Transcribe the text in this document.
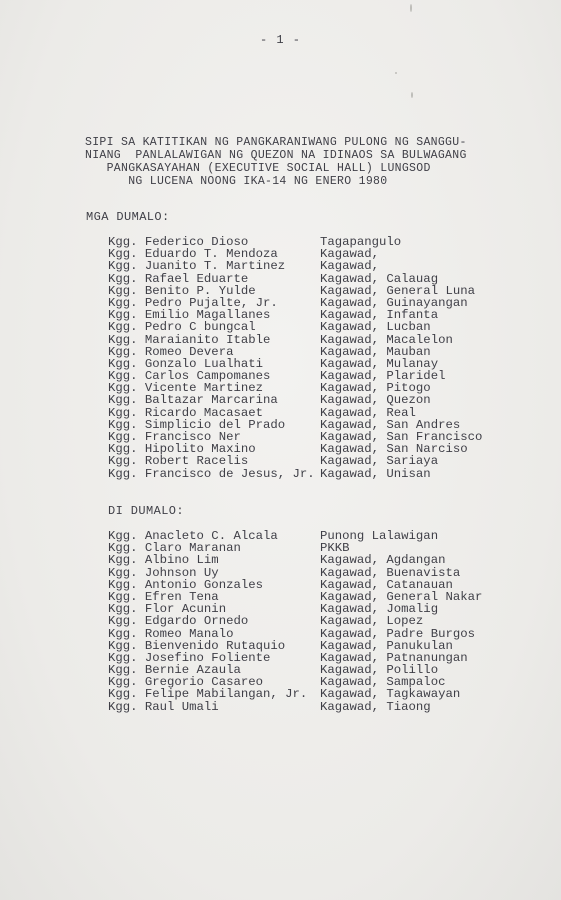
- 1 -
SIPI SA KATITIKAN NG PANGKARANIWANG PULONG NG SANGGU-
NIANG  PANLALAWIGAN NG QUEZON NA IDINAOS SA BULWAGANG
PANGKASAYAHAN (EXECUTIVE SOCIAL HALL) LUNGSOD
NG LUCENA NOONG IKA-14 NG ENERO 1980
MGA DUMALO:
Kgg. Federico Dioso	Tagapangulo
Kgg. Eduardo T. Mendoza	Kagawad,
Kgg. Juanito T. Martinez	Kagawad,
Kgg. Rafael Eduarte	Kagawad, Calauag
Kgg. Benito P. Yulde	Kagawad, General Luna
Kgg. Pedro Pujalte, Jr.	Kagawad, Guinayangan
Kgg. Emilio Magallanes	Kagawad, Infanta
Kgg. Pedro C bungcal	Kagawad, Lucban
Kgg. Maraianito Itable	Kagawad, Macalelon
Kgg. Romeo Devera	Kagawad, Mauban
Kgg. Gonzalo Lualhati	Kagawad, Mulanay
Kgg. Carlos Campomanes	Kagawad, Plaridel
Kgg. Vicente Martinez	Kagawad, Pitogo
Kgg. Baltazar Marcarina	Kagawad, Quezon
Kgg. Ricardo Macasaet	Kagawad, Real
Kgg. Simplicio del Prado	Kagawad, San Andres
Kgg. Francisco Ner	Kagawad, San Francisco
Kgg. Hipolito Maxino	Kagawad, San Narciso
Kgg. Robert Racelis	Kagawad, Sariaya
Kgg. Francisco de Jesus, Jr. Kagawad, Unisan
DI DUMALO:
Kgg. Anacleto C. Alcala	Punong Lalawigan
Kgg. Claro Maranan	PKKB
Kgg. Albino Lim	Kagawad, Agdangan
Kgg. Johnson Uy	Kagawad, Buenavista
Kgg. Antonio Gonzales	Kagawad, Catanauan
Kgg. Efren Tena	Kagawad, General Nakar
Kgg. Flor Acunin	Kagawad, Jomalig
Kgg. Edgardo Ornedo	Kagawad, Lopez
Kgg. Romeo Manalo	Kagawad, Padre Burgos
Kgg. Bienvenido Rutaquio	Kagawad, Panukulan
Kgg. Josefino Foliente	Kagawad, Patnanungan
Kgg. Bernie Azaula	Kagawad, Polillo
Kgg. Gregorio Casareo	Kagawad, Sampaloc
Kgg. Felipe Mabilangan, Jr.	Kagawad, Tagkawayan
Kgg. Raul Umali	Kagawad, Tiaong
